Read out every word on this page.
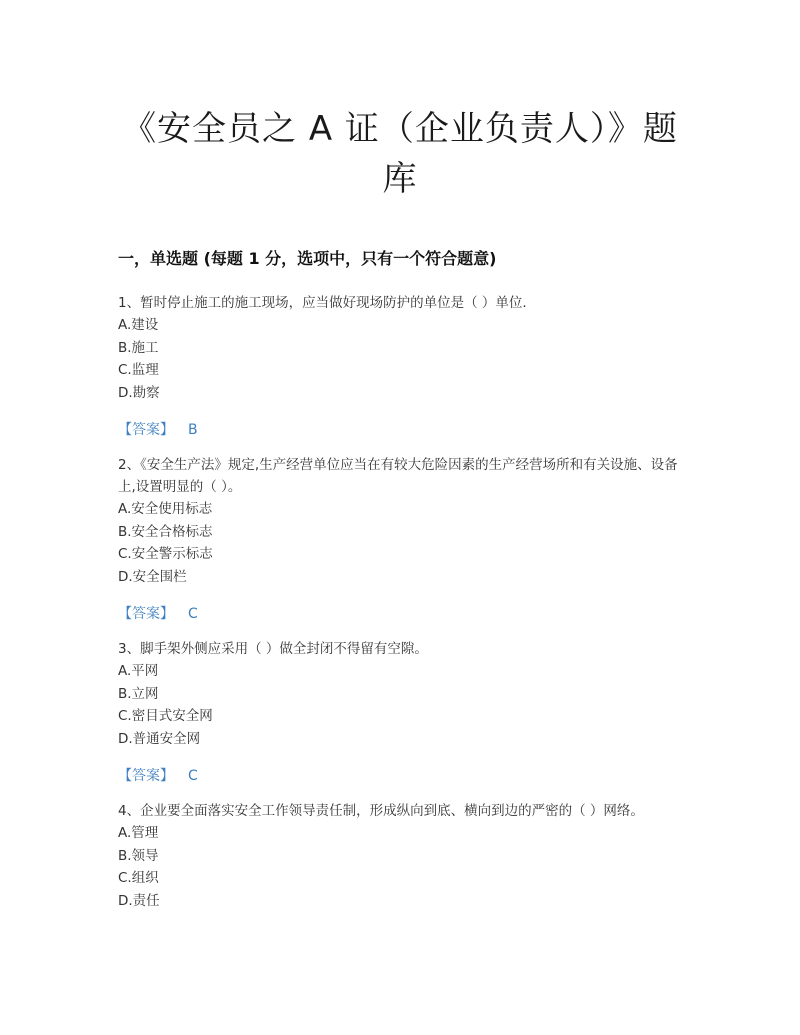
《安全员之 A 证（企业负责人）》题库
一，单选题 (每题 1 分，选项中，只有一个符合题意)

1、暂时停止施工的施工现场，应当做好现场防护的单位是（ ）单位.

A.建设

B.施工

C.监理

D.勘察

【答案】 B

2、《安全生产法》规定,生产经营单位应当在有较大危险因素的生产经营场所和有关设施、设备上,设置明显的（ ）。

A.安全使用标志

B.安全合格标志

C.安全警示标志

D.安全围栏

【答案】 C

3、脚手架外侧应采用（ ）做全封闭不得留有空隙。

A.平网

B.立网

C.密目式安全网

D.普通安全网

【答案】 C

4、企业要全面落实安全工作领导责任制，形成纵向到底、横向到边的严密的（ ）网络。

A.管理

B.领导

C.组织

D.责任
